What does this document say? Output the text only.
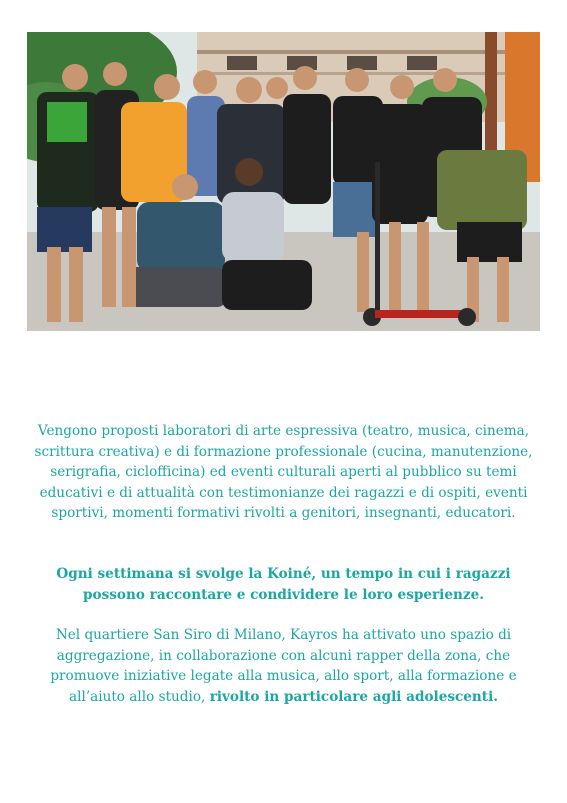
Vengono proposti laboratori di arte espressiva (teatro, musica, cinema, scrittura creativa) e di formazione professionale (cucina, manutenzione, serigrafia, ciclofficina) ed eventi culturali aperti al pubblico su temi educativi e di attualità con testimonianze dei ragazzi e di ospiti, eventi sportivi, momenti formativi rivolti a genitori, insegnanti, educatori.
Ogni settimana si svolge la Koiné, un tempo in cui i ragazzi possono raccontare e condividere le loro esperienze.
Nel quartiere San Siro di Milano, Kayros ha attivato uno spazio di aggregazione, in collaborazione con alcuni rapper della zona, che promuove iniziative legate alla musica, allo sport, alla formazione e all’aiuto allo studio, rivolto in particolare agli adolescenti.
